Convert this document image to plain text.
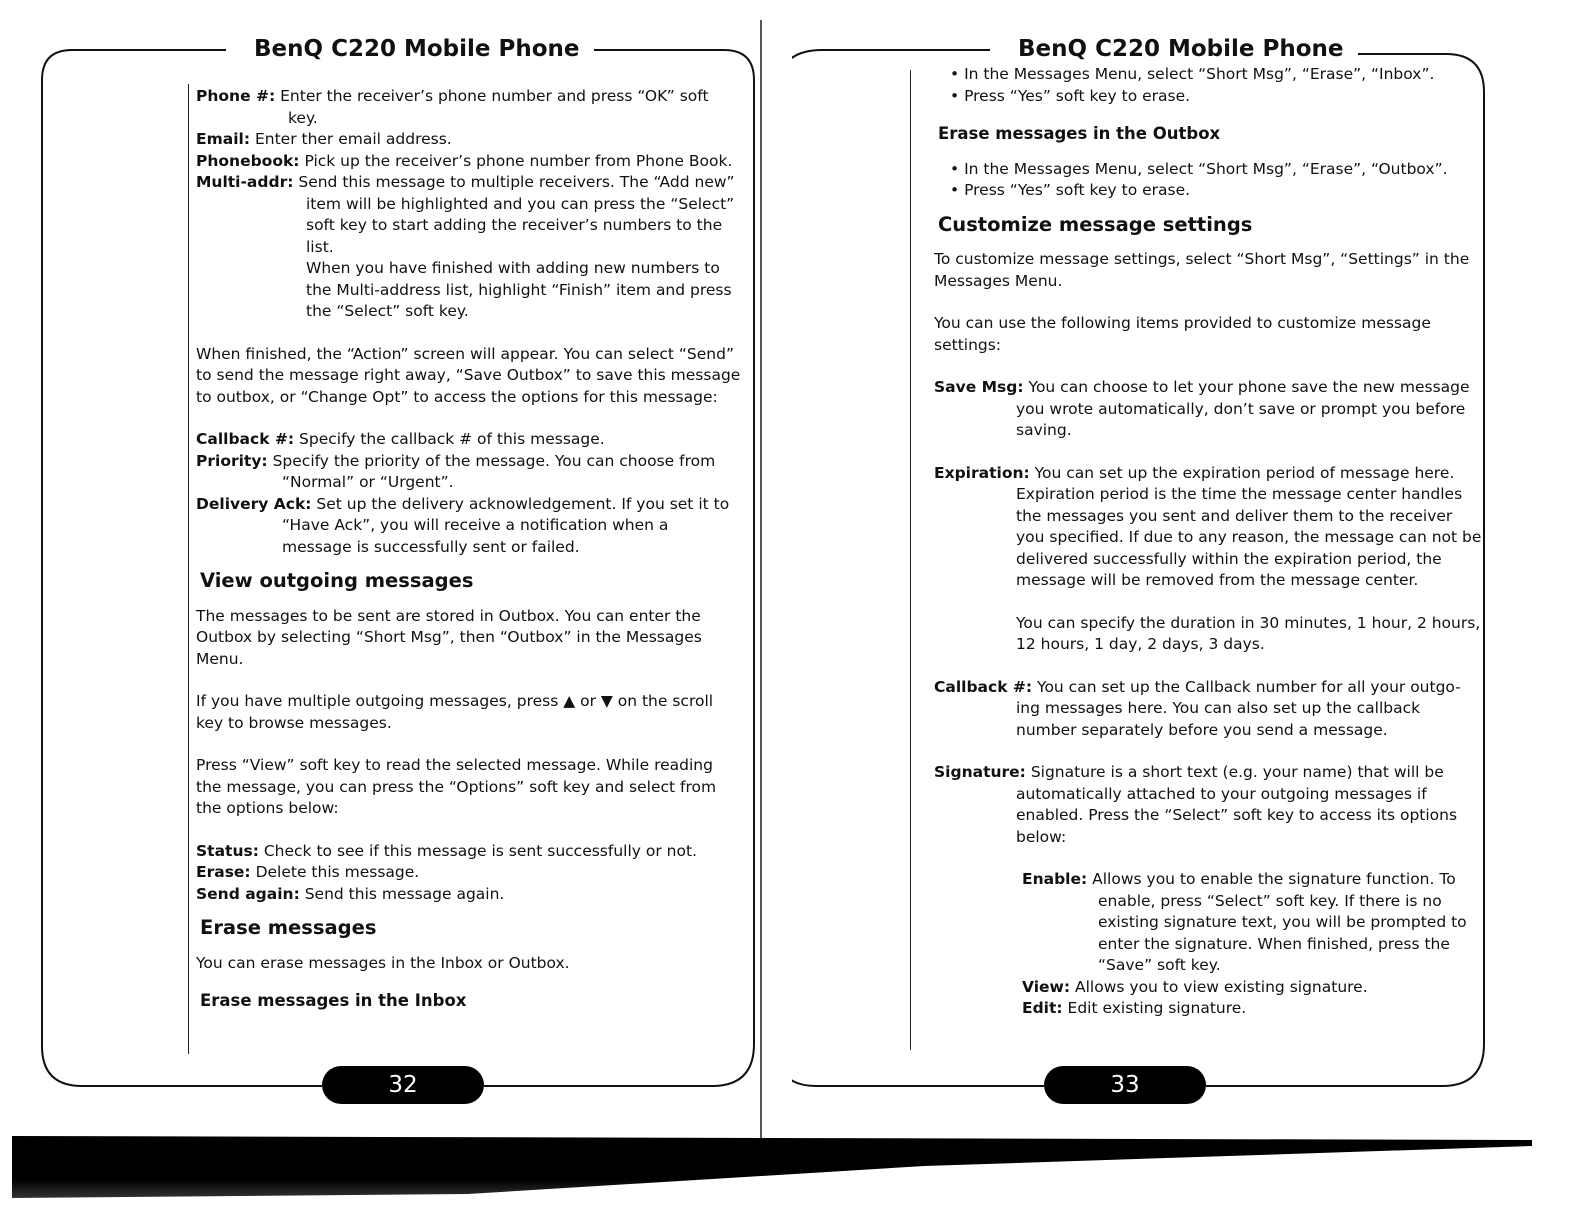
BenQ C220 Mobile Phone
Phone #: Enter the receiver’s phone number and press “OK” soft

key.

Email: Enter ther email address.
Phonebook: Pick up the receiver’s phone number from Phone Book.
Multi-addr: Send this message to multiple receivers. The “Add new”

item will be highlighted and you can press the “Select” soft key to start adding the receiver’s numbers to the list.

When you have finished with adding new numbers to the Multi-address list, highlight “Finish” item and press the “Select” soft key.

When finished, the “Action” screen will appear. You can select “Send” to send the message right away, “Save Outbox” to save this message to outbox, or “Change Opt” to access the options for this message:

Callback #: Specify the callback # of this message.
Priority: Specify the priority of the message. You can choose from

“Normal” or “Urgent”.

Delivery Ack: Set up the delivery acknowledgement. If you set it to

“Have Ack”, you will receive a notification when a message is successfully sent or failed.

View outgoing messages

The messages to be sent are stored in Outbox. You can enter the Outbox by selecting “Short Msg”, then “Outbox” in the Messages Menu.

If you have multiple outgoing messages, press ▲ or ▼ on the scroll key to browse messages.

Press “View” soft key to read the selected message. While reading the message, you can press the “Options” soft key and select from the options below:

Status: Check to see if this message is sent successfully or not.
Erase: Delete this message.
Send again: Send this message again.
Erase messages

You can erase messages in the Inbox or Outbox.

Erase messages in the Inbox
32
BenQ C220 Mobile Phone

• In the Messages Menu, select “Short Msg”, “Erase”, “Inbox”.

• Press “Yes” soft key to erase.

Erase messages in the Outbox

• In the Messages Menu, select “Short Msg”, “Erase”, “Outbox”.

• Press “Yes” soft key to erase.

Customize message settings

To customize message settings, select “Short Msg”, “Settings” in the Messages Menu.

You can use the following items provided to customize message settings:

Save Msg: You can choose to let your phone save the new message

you wrote automatically, don’t save or prompt you before saving.

Expiration: You can set up the expiration period of message here.

Expiration period is the time the message center handles the messages you sent and deliver them to the receiver you specified. If due to any reason, the message can not be delivered successfully within the expiration period, the message will be removed from the message center.

You can specify the duration in 30 minutes, 1 hour, 2 hours, 12 hours, 1 day, 2 days, 3 days.

Callback #: You can set up the Callback number for all your outgo-

ing messages here. You can also set up the callback number separately before you send a message.

Signature: Signature is a short text (e.g. your name) that will be

automatically attached to your outgoing messages if enabled. Press the “Select” soft key to access its options below:

Enable: Allows you to enable the signature function. To

enable, press “Select” soft key. If there is no existing signature text, you will be prompted to enter the signature. When finished, press the “Save” soft key.

View: Allows you to view existing signature.
Edit: Edit existing signature.
33
